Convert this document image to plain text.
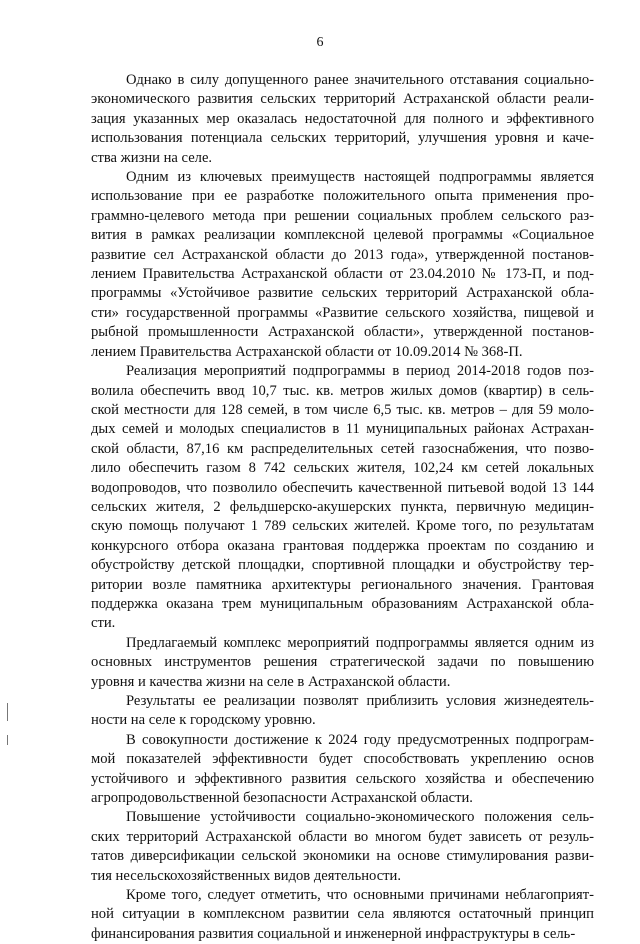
6
Однако в силу допущенного ранее значительного отставания социально-
экономического развития сельских территорий Астраханской области реали-
зация указанных мер оказалась недостаточной для полного и эффективного
использования потенциала сельских территорий, улучшения уровня и каче-
ства жизни на селе.
Одним из ключевых преимуществ настоящей подпрограммы является
использование при ее разработке положительного опыта применения про-
граммно-целевого метода при решении социальных проблем сельского раз-
вития в рамках реализации комплексной целевой программы «Социальное
развитие сел Астраханской области до 2013 года», утвержденной постанов-
лением Правительства Астраханской области от 23.04.2010 № 173-П, и под-
программы «Устойчивое развитие сельских территорий Астраханской обла-
сти» государственной программы «Развитие сельского хозяйства, пищевой и
рыбной промышленности Астраханской области», утвержденной постанов-
лением Правительства Астраханской области от 10.09.2014 № 368-П.
Реализация мероприятий подпрограммы в период 2014-2018 годов поз-
волила обеспечить ввод 10,7 тыс. кв. метров жилых домов (квартир) в сель-
ской местности для 128 семей, в том числе 6,5 тыс. кв. метров – для 59 моло-
дых семей и молодых специалистов в 11 муниципальных районах Астрахан-
ской области, 87,16 км распределительных сетей газоснабжения, что позво-
лило обеспечить газом 8 742 сельских жителя, 102,24 км сетей локальных
водопроводов, что позволило обеспечить качественной питьевой водой 13 144
сельских жителя, 2 фельдшерско-акушерских пункта, первичную медицин-
скую помощь получают 1 789 сельских жителей. Кроме того, по результатам
конкурсного отбора оказана грантовая поддержка проектам по созданию и
обустройству детской площадки, спортивной площадки и обустройству тер-
ритории возле памятника архитектуры регионального значения. Грантовая
поддержка оказана трем муниципальным образованиям Астраханской обла-
сти.
Предлагаемый комплекс мероприятий подпрограммы является одним из
основных инструментов решения стратегической задачи по повышению
уровня и качества жизни на селе в Астраханской области.
Результаты ее реализации позволят приблизить условия жизнедеятель-
ности на селе к городскому уровню.
В совокупности достижение к 2024 году предусмотренных подпрограм-
мой показателей эффективности будет способствовать укреплению основ
устойчивого и эффективного развития сельского хозяйства и обеспечению
агропродовольственной безопасности Астраханской области.
Повышение устойчивости социально-экономического положения сель-
ских территорий Астраханской области во многом будет зависеть от резуль-
татов диверсификации сельской экономики на основе стимулирования разви-
тия несельскохозяйственных видов деятельности.
Кроме того, следует отметить, что основными причинами неблагоприят-
ной ситуации в комплексном развитии села являются остаточный принцип
финансирования развития социальной и инженерной инфраструктуры в сель-
